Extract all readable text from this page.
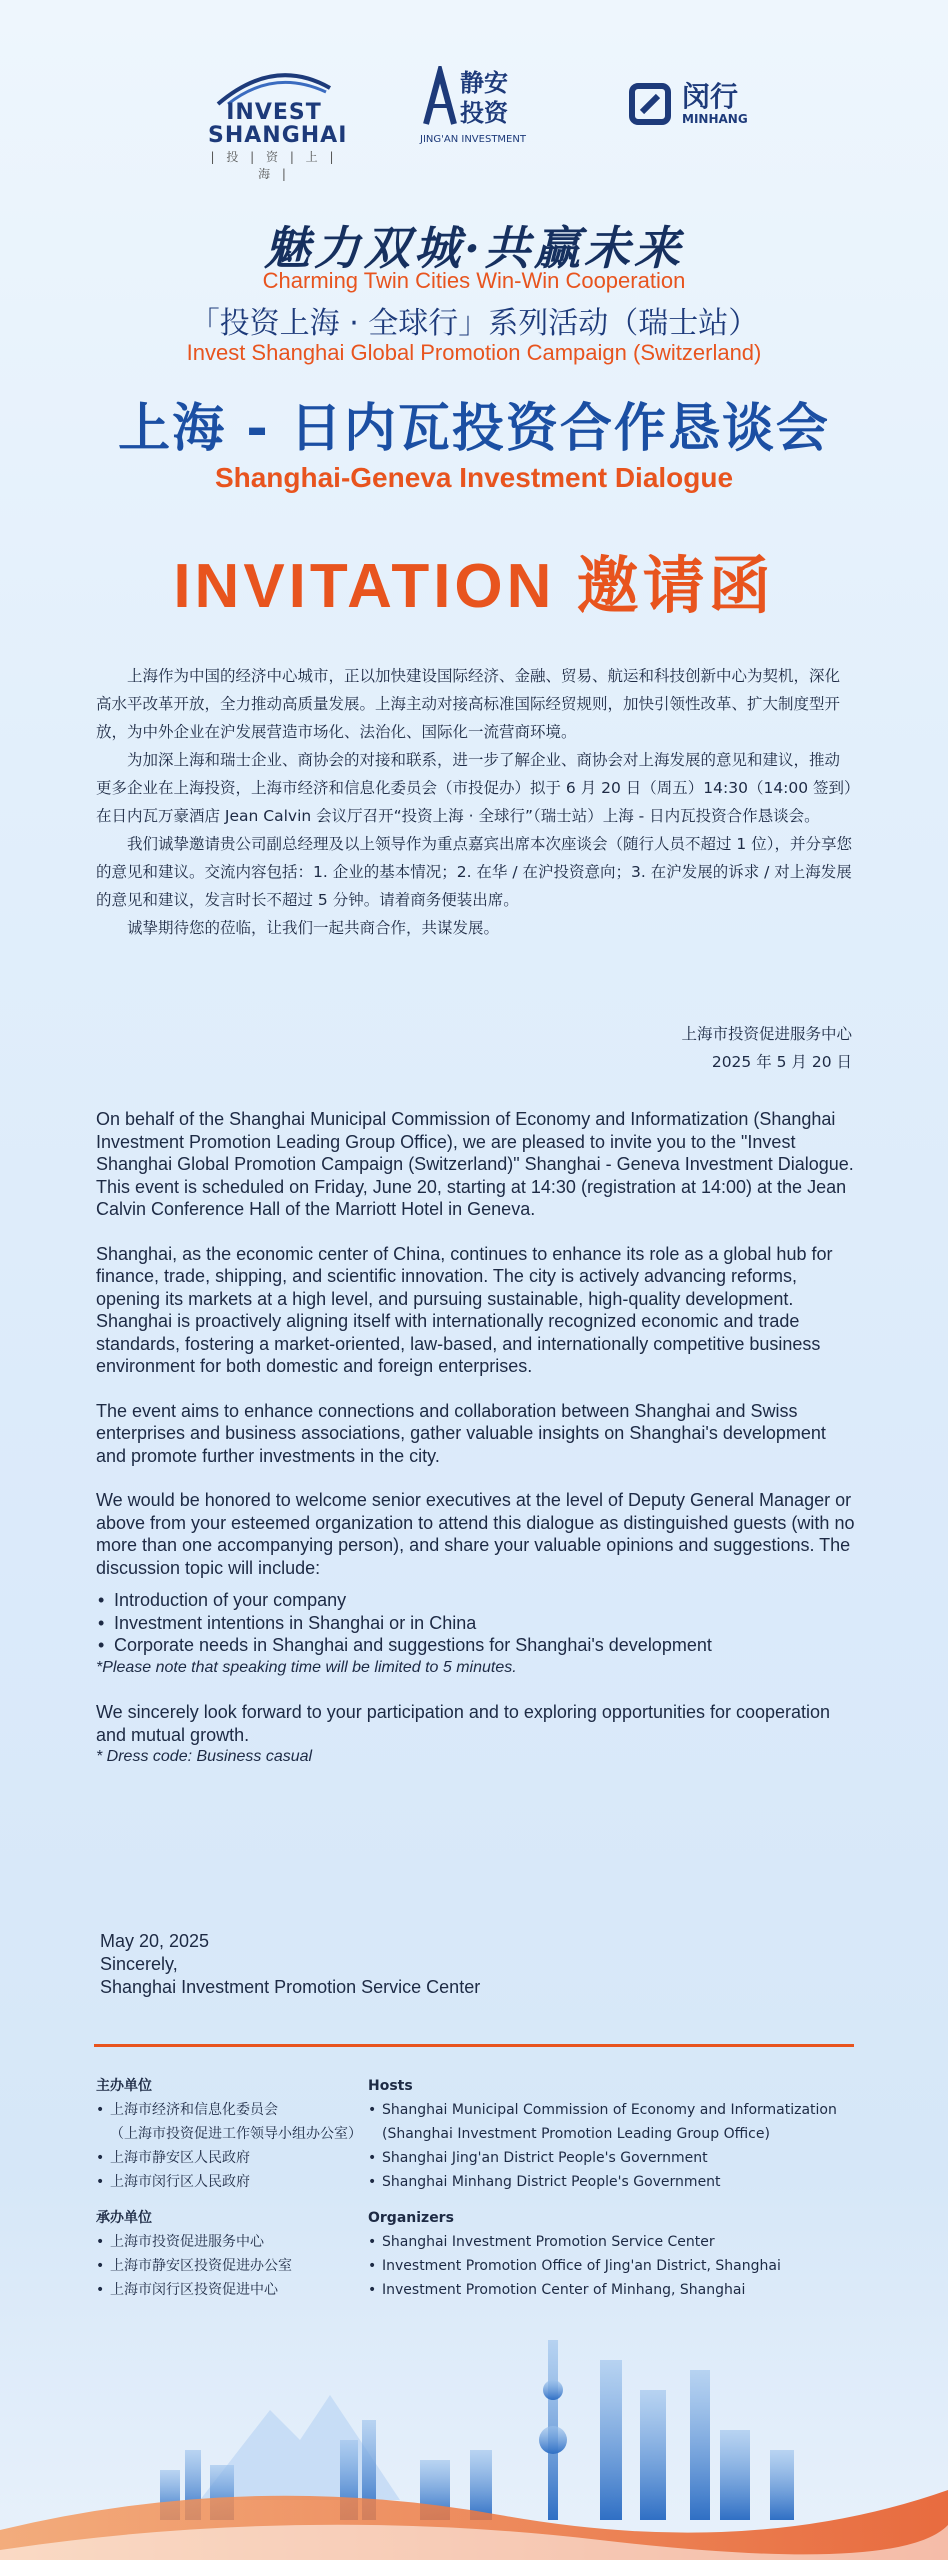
INVEST
SHANGHAI
| 投 | 资 | 上 | 海 |
静安 投资
JING'AN INVESTMENT
闵行
MINHANG
魅力双城·共赢未来
Charming Twin Cities Win-Win Cooperation
「投资上海 · 全球行」系列活动（瑞士站）
Invest Shanghai Global Promotion Campaign (Switzerland)
上海 - 日内瓦投资合作恳谈会
Shanghai-Geneva Investment Dialogue
INVITATION 邀请函

上海作为中国的经济中心城市，正以加快建设国际经济、金融、贸易、航运和科技创新中心为契机，深化高水平改革开放，全力推动高质量发展。上海主动对接高标准国际经贸规则，加快引领性改革、扩大制度型开放，为中外企业在沪发展营造市场化、法治化、国际化一流营商环境。

为加深上海和瑞士企业、商协会的对接和联系，进一步了解企业、商协会对上海发展的意见和建议，推动更多企业在上海投资，上海市经济和信息化委员会（市投促办）拟于 6 月 20 日（周五）14:30（14:00 签到）在日内瓦万豪酒店 Jean Calvin 会议厅召开“投资上海 · 全球行”（瑞士站）上海 - 日内瓦投资合作恳谈会。

我们诚挚邀请贵公司副总经理及以上领导作为重点嘉宾出席本次座谈会（随行人员不超过 1 位），并分享您的意见和建议。交流内容包括：1. 企业的基本情况；2. 在华 / 在沪投资意向；3. 在沪发展的诉求 / 对上海发展的意见和建议，发言时长不超过 5 分钟。请着商务便装出席。

诚挚期待您的莅临，让我们一起共商合作，共谋发展。

上海市投资促进服务中心
2025 年 5 月 20 日

On behalf of the Shanghai Municipal Commission of Economy and Informatization (Shanghai Investment Promotion Leading Group Office), we are pleased to invite you to the "Invest Shanghai Global Promotion Campaign (Switzerland)" Shanghai - Geneva Investment Dialogue. This event is scheduled on Friday, June 20, starting at 14:30 (registration at 14:00) at the Jean Calvin Conference Hall of the Marriott Hotel in Geneva.

Shanghai, as the economic center of China, continues to enhance its role as a global hub for finance, trade, shipping, and scientific innovation. The city is actively advancing reforms, opening its markets at a high level, and pursuing sustainable, high-quality development. Shanghai is proactively aligning itself with internationally recognized economic and trade standards, fostering a market-oriented, law-based, and internationally competitive business environment for both domestic and foreign enterprises.

The event aims to enhance connections and collaboration between Shanghai and Swiss enterprises and business associations, gather valuable insights on Shanghai's development and promote further investments in the city.

We would be honored to welcome senior executives at the level of Deputy General Manager or above from your esteemed organization to attend this dialogue as distinguished guests (with no more than one accompanying person), and share your valuable opinions and suggestions. The discussion topic will include:

• Introduction of your company
• Investment intentions in Shanghai or in China
• Corporate needs in Shanghai and suggestions for Shanghai's development

*Please note that speaking time will be limited to 5 minutes.

We sincerely look forward to your participation and to exploring opportunities for cooperation and mutual growth.

* Dress code: Business casual

May 20, 2025
Sincerely,
Shanghai Investment Promotion Service Center
主办单位
• 上海市经济和信息化委员会
（上海市投资促进工作领导小组办公室）
• 上海市静安区人民政府
• 上海市闵行区人民政府
承办单位
• 上海市投资促进服务中心
• 上海市静安区投资促进办公室
• 上海市闵行区投资促进中心
Hosts
• Shanghai Municipal Commission of Economy and Informatization
(Shanghai Investment Promotion Leading Group Office)
• Shanghai Jing'an District People's Government
• Shanghai Minhang District People's Government
Organizers
• Shanghai Investment Promotion Service Center
• Investment Promotion Office of Jing'an District, Shanghai
• Investment Promotion Center of Minhang, Shanghai
